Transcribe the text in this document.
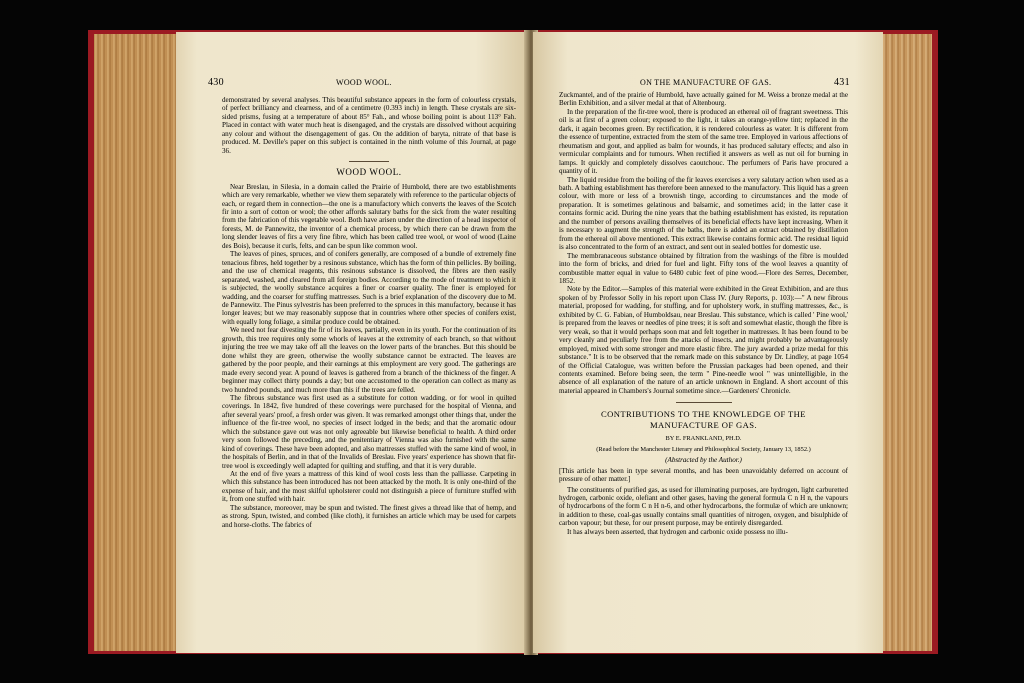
430	WOOD WOOL.

demonstrated by several analyses. This beautiful substance appears in the form of colourless crystals, of perfect brilliancy and clearness, and of a centimetre (0.393 inch) in length. These crystals are six-sided prisms, fusing at a temperature of about 85° Fah., and whose boiling point is about 113° Fah. Placed in contact with water much heat is disengaged, and the crystals are dissolved without acquiring any colour and without the disengagement of gas. On the addition of baryta, nitrate of that base is produced. M. Deville's paper on this subject is contained in the ninth volume of this Journal, at page 36.

WOOD WOOL.

Near Breslau, in Silesia, in a domain called the Prairie of Humbold, there are two establishments which are very remarkable, whether we view them separately with reference to the particular objects of each, or regard them in connection—the one is a manufactory which converts the leaves of the Scotch fir into a sort of cotton or wool; the other affords salutary baths for the sick from the water resulting from the fabrication of this vegetable wool. Both have arisen under the direction of a head inspector of forests, M. de Pannewitz, the inventor of a chemical process, by which there can be drawn from the long slender leaves of firs a very fine fibre, which has been called tree wool, or wool of wood (Laine des Bois), because it curls, felts, and can be spun like common wool.

The leaves of pines, spruces, and of conifers generally, are composed of a bundle of extremely fine tenacious fibres, held together by a resinous substance, which has the form of thin pellicles. By boiling, and the use of chemical reagents, this resinous substance is dissolved, the fibres are then easily separated, washed, and cleared from all foreign bodies. According to the mode of treatment to which it is subjected, the woolly substance acquires a finer or coarser quality. The finer is employed for wadding, and the coarser for stuffing mattresses. Such is a brief explanation of the discovery due to M. de Pannewitz. The Pinus sylvestris has been preferred to the spruces in this manufactory, because it has longer leaves; but we may reasonably suppose that in countries where other species of conifers exist, with equally long foliage, a similar produce could be obtained.

We need not fear divesting the fir of its leaves, partially, even in its youth. For the continuation of its growth, this tree requires only some whorls of leaves at the extremity of each branch, so that without injuring the tree we may take off all the leaves on the lower parts of the branches. But this should be done whilst they are green, otherwise the woolly substance cannot be extracted. The leaves are gathered by the poor people, and their earnings at this employment are very good. The gatherings are made every second year. A pound of leaves is gathered from a branch of the thickness of the finger. A beginner may collect thirty pounds a day; but one accustomed to the operation can collect as many as two hundred pounds, and much more than this if the trees are felled.

The fibrous substance was first used as a substitute for cotton wadding, or for wool in quilted coverings. In 1842, five hundred of these coverings were purchased for the hospital of Vienna, and after several years' proof, a fresh order was given. It was remarked amongst other things that, under the influence of the fir-tree wool, no species of insect lodged in the beds; and that the aromatic odour which the substance gave out was not only agreeable but likewise beneficial to health. A third order very soon followed the preceding, and the penitentiary of Vienna was also furnished with the same kind of coverings. These have been adopted, and also mattresses stuffed with the same kind of wool, in the hospitals of Berlin, and in that of the Invalids of Breslau. Five years' experience has shown that fir-tree wool is exceedingly well adapted for quilting and stuffing, and that it is very durable.

At the end of five years a mattress of this kind of wool costs less than the palliasse. Carpeting in which this substance has been introduced has not been attacked by the moth. It is only one-third of the expense of hair, and the most skilful upholsterer could not distinguish a piece of furniture stuffed with it, from one stuffed with hair.

The substance, moreover, may be spun and twisted. The finest gives a thread like that of hemp, and as strong. Spun, twisted, and combed (like cloth), it furnishes an article which may be used for carpets and horse-cloths. The fabrics of

ON THE MANUFACTURE OF GAS.	431

Zuckmantel, and of the prairie of Humbold, have actually gained for M. Weiss a bronze medal at the Berlin Exhibition, and a silver medal at that of Altenbourg.

In the preparation of the fir-tree wool, there is produced an ethereal oil of fragrant sweetness. This oil is at first of a green colour; exposed to the light, it takes an orange-yellow tint; replaced in the dark, it again becomes green. By rectification, it is rendered colourless as water. It is different from the essence of turpentine, extracted from the stem of the same tree. Employed in various affections of rheumatism and gout, and applied as balm for wounds, it has produced salutary effects; and also in vermicular complaints and for tumours. When rectified it answers as well as nut oil for burning in lamps. It quickly and completely dissolves caoutchouc. The perfumers of Paris have procured a quantity of it.

The liquid residue from the boiling of the fir leaves exercises a very salutary action when used as a bath. A bathing establishment has therefore been annexed to the manufactory. This liquid has a green colour, with more or less of a brownish tinge, according to circumstances and the mode of preparation. It is sometimes gelatinous and balsamic, and sometimes acid; in the latter case it contains formic acid. During the nine years that the bathing establishment has existed, its reputation and the number of persons availing themselves of its beneficial effects have kept increasing. When it is necessary to augment the strength of the baths, there is added an extract obtained by distillation from the ethereal oil above mentioned. This extract likewise contains formic acid. The residual liquid is also concentrated to the form of an extract, and sent out in sealed bottles for domestic use.

The membranaceous substance obtained by filtration from the washings of the fibre is moulded into the form of bricks, and dried for fuel and light. Fifty tons of the wool leaves a quantity of combustible matter equal in value to 6480 cubic feet of pine wood.—Flore des Serres, December, 1852.

Note by the Editor.—Samples of this material were exhibited in the Great Exhibition, and are thus spoken of by Professor Solly in his report upon Class IV. (Jury Reports, p. 103):—" A new fibrous material, proposed for wadding, for stuffing, and for upholstery work, in stuffing mattresses, &c., is exhibited by C. G. Fabian, of Humboldsau, near Breslau. This substance, which is called ' Pine wool,' is prepared from the leaves or needles of pine trees; it is soft and somewhat elastic, though the fibre is very weak, so that it would perhaps soon mat and felt together in mattresses. It has been found to be very cleanly and peculiarly free from the attacks of insects, and might probably be advantageously employed, mixed with some stronger and more elastic fibre. The jury awarded a prize medal for this substance." It is to be observed that the remark made on this substance by Dr. Lindley, at page 1054 of the Official Catalogue, was written before the Prussian packages had been opened, and their contents examined. Before being seen, the term " Pine-needle wool " was unintelligible, in the absence of all explanation of the nature of an article unknown in England. A short account of this material appeared in Chambers's Journal sometime since.—Gardeners' Chronicle.

CONTRIBUTIONS TO THE KNOWLEDGE OF THE MANUFACTURE OF GAS.

BY E. FRANKLAND, PH.D.

(Read before the Manchester Literary and Philosophical Society, January 13, 1852.)

(Abstracted by the Author.)

[This article has been in type several months, and has been unavoidably deferred on account of pressure of other matter.]

The constituents of purified gas, as used for illuminating purposes, are hydrogen, light carburetted hydrogen, carbonic oxide, olefiant and other gases, having the general formula C n H n, the vapours of hydrocarbons of the form C n H n-6, and other hydrocarbons, the formulæ of which are unknown; in addition to these, coal-gas usually contains small quantities of nitrogen, oxygen, and bisulphide of carbon vapour; but these, for our present purpose, may be entirely disregarded.

It has always been asserted, that hydrogen and carbonic oxide possess no illu-
